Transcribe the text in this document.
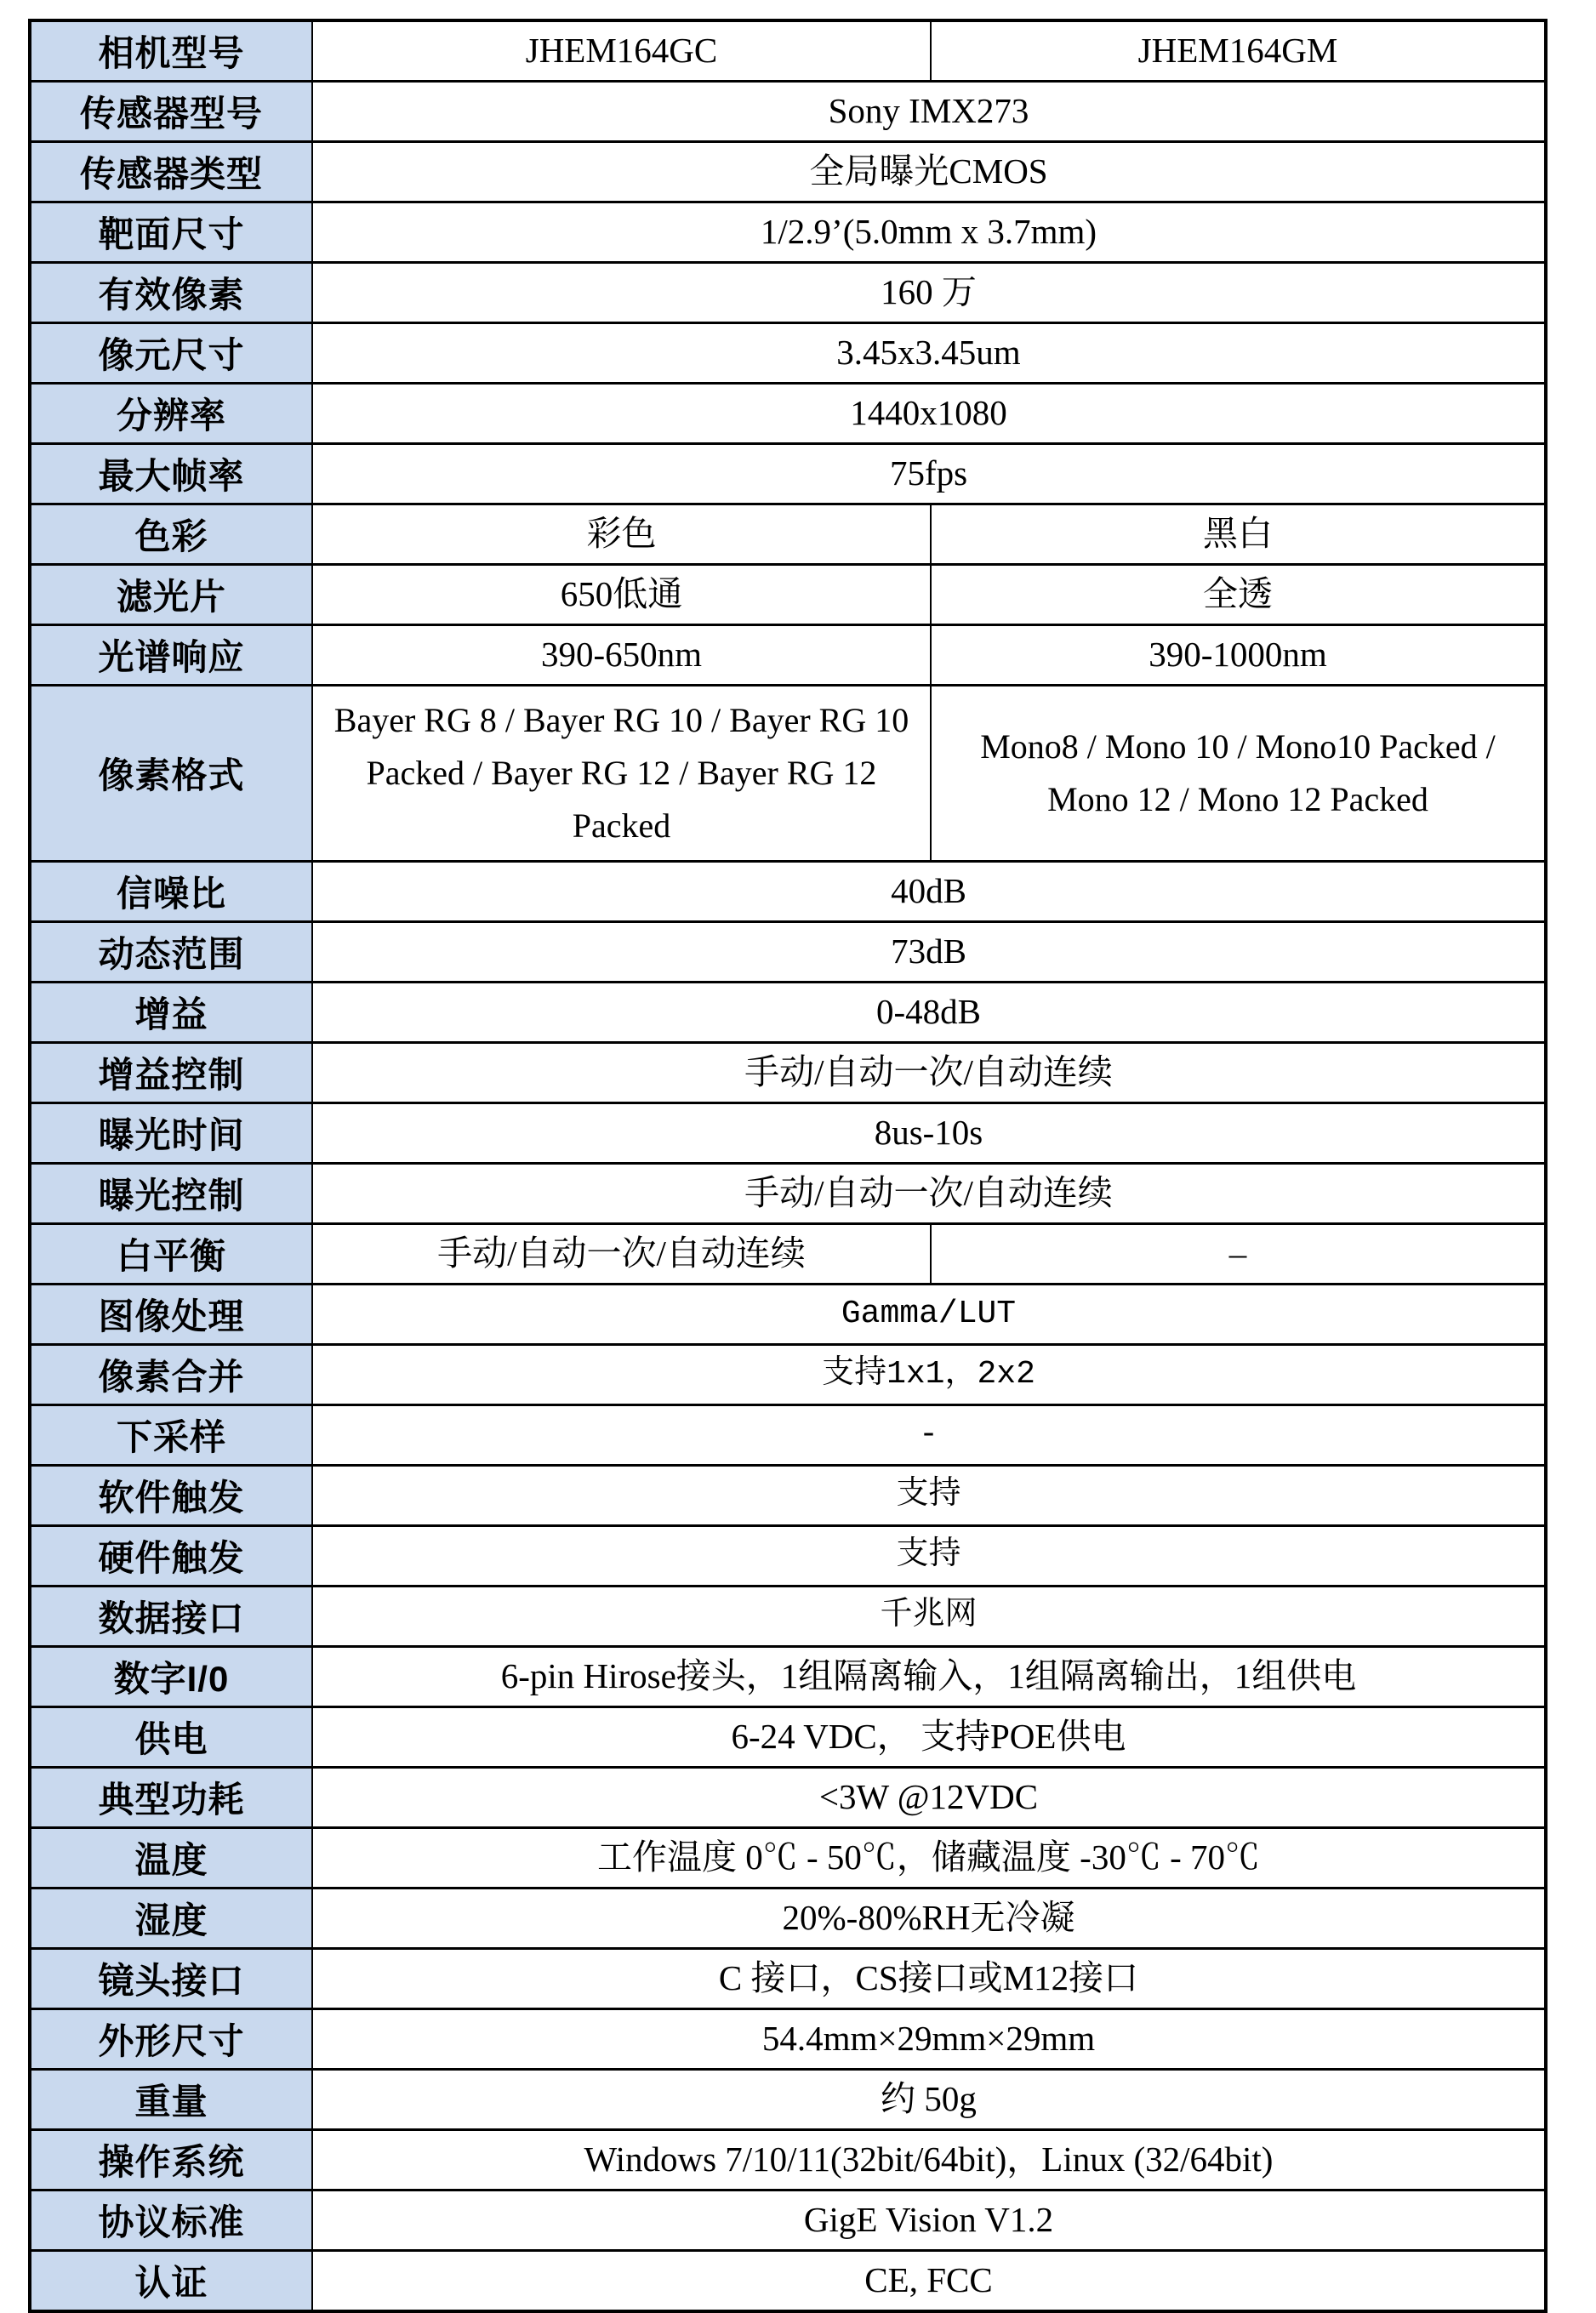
相机型号	JHEM164GC	JHEM164GM
传感器型号	Sony IMX273	
传感器类型	全局曝光CMOS	
靶面尺寸	1/2.9’(5.0mm x 3.7mm)	
有效像素	160 万	
像元尺寸	3.45x3.45um	
分辨率	1440x1080	
最大帧率	75fps	
色彩	彩色	黑白
滤光片	650低通	全透
光谱响应	390-650nm	390-1000nm
像素格式	Bayer RG 8 / Bayer RG 10 / Bayer RG 10 Packed / Bayer RG 12 / Bayer RG 12 Packed	Mono8 / Mono 10 / Mono10 Packed / Mono 12 / Mono 12 Packed
信噪比	40dB	
动态范围	73dB	
增益	0-48dB	
增益控制	手动/自动一次/自动连续	
曝光时间	8us-10s	
曝光控制	手动/自动一次/自动连续	
白平衡	手动/自动一次/自动连续	–
图像处理	Gamma/LUT	
像素合并	支持1x1，2x2	
下采样	-	
软件触发	支持	
硬件触发	支持	
数据接口	千兆网	
数字I/0	6-pin Hirose接头，1组隔离输入，1组隔离输出，1组供电	
供电	6-24 VDC， 支持POE供电	
典型功耗	<3W @12VDC	
温度	工作温度 0℃ - 50℃，储藏温度 -30℃ - 70℃	
湿度	20%-80%RH无冷凝	
镜头接口	C 接口，CS接口或M12接口	
外形尺寸	54.4mm×29mm×29mm	
重量	约 50g	
操作系统	Windows 7/10/11(32bit/64bit)，Linux (32/64bit)	
协议标准	GigE Vision V1.2	
认证	CE, FCC	
